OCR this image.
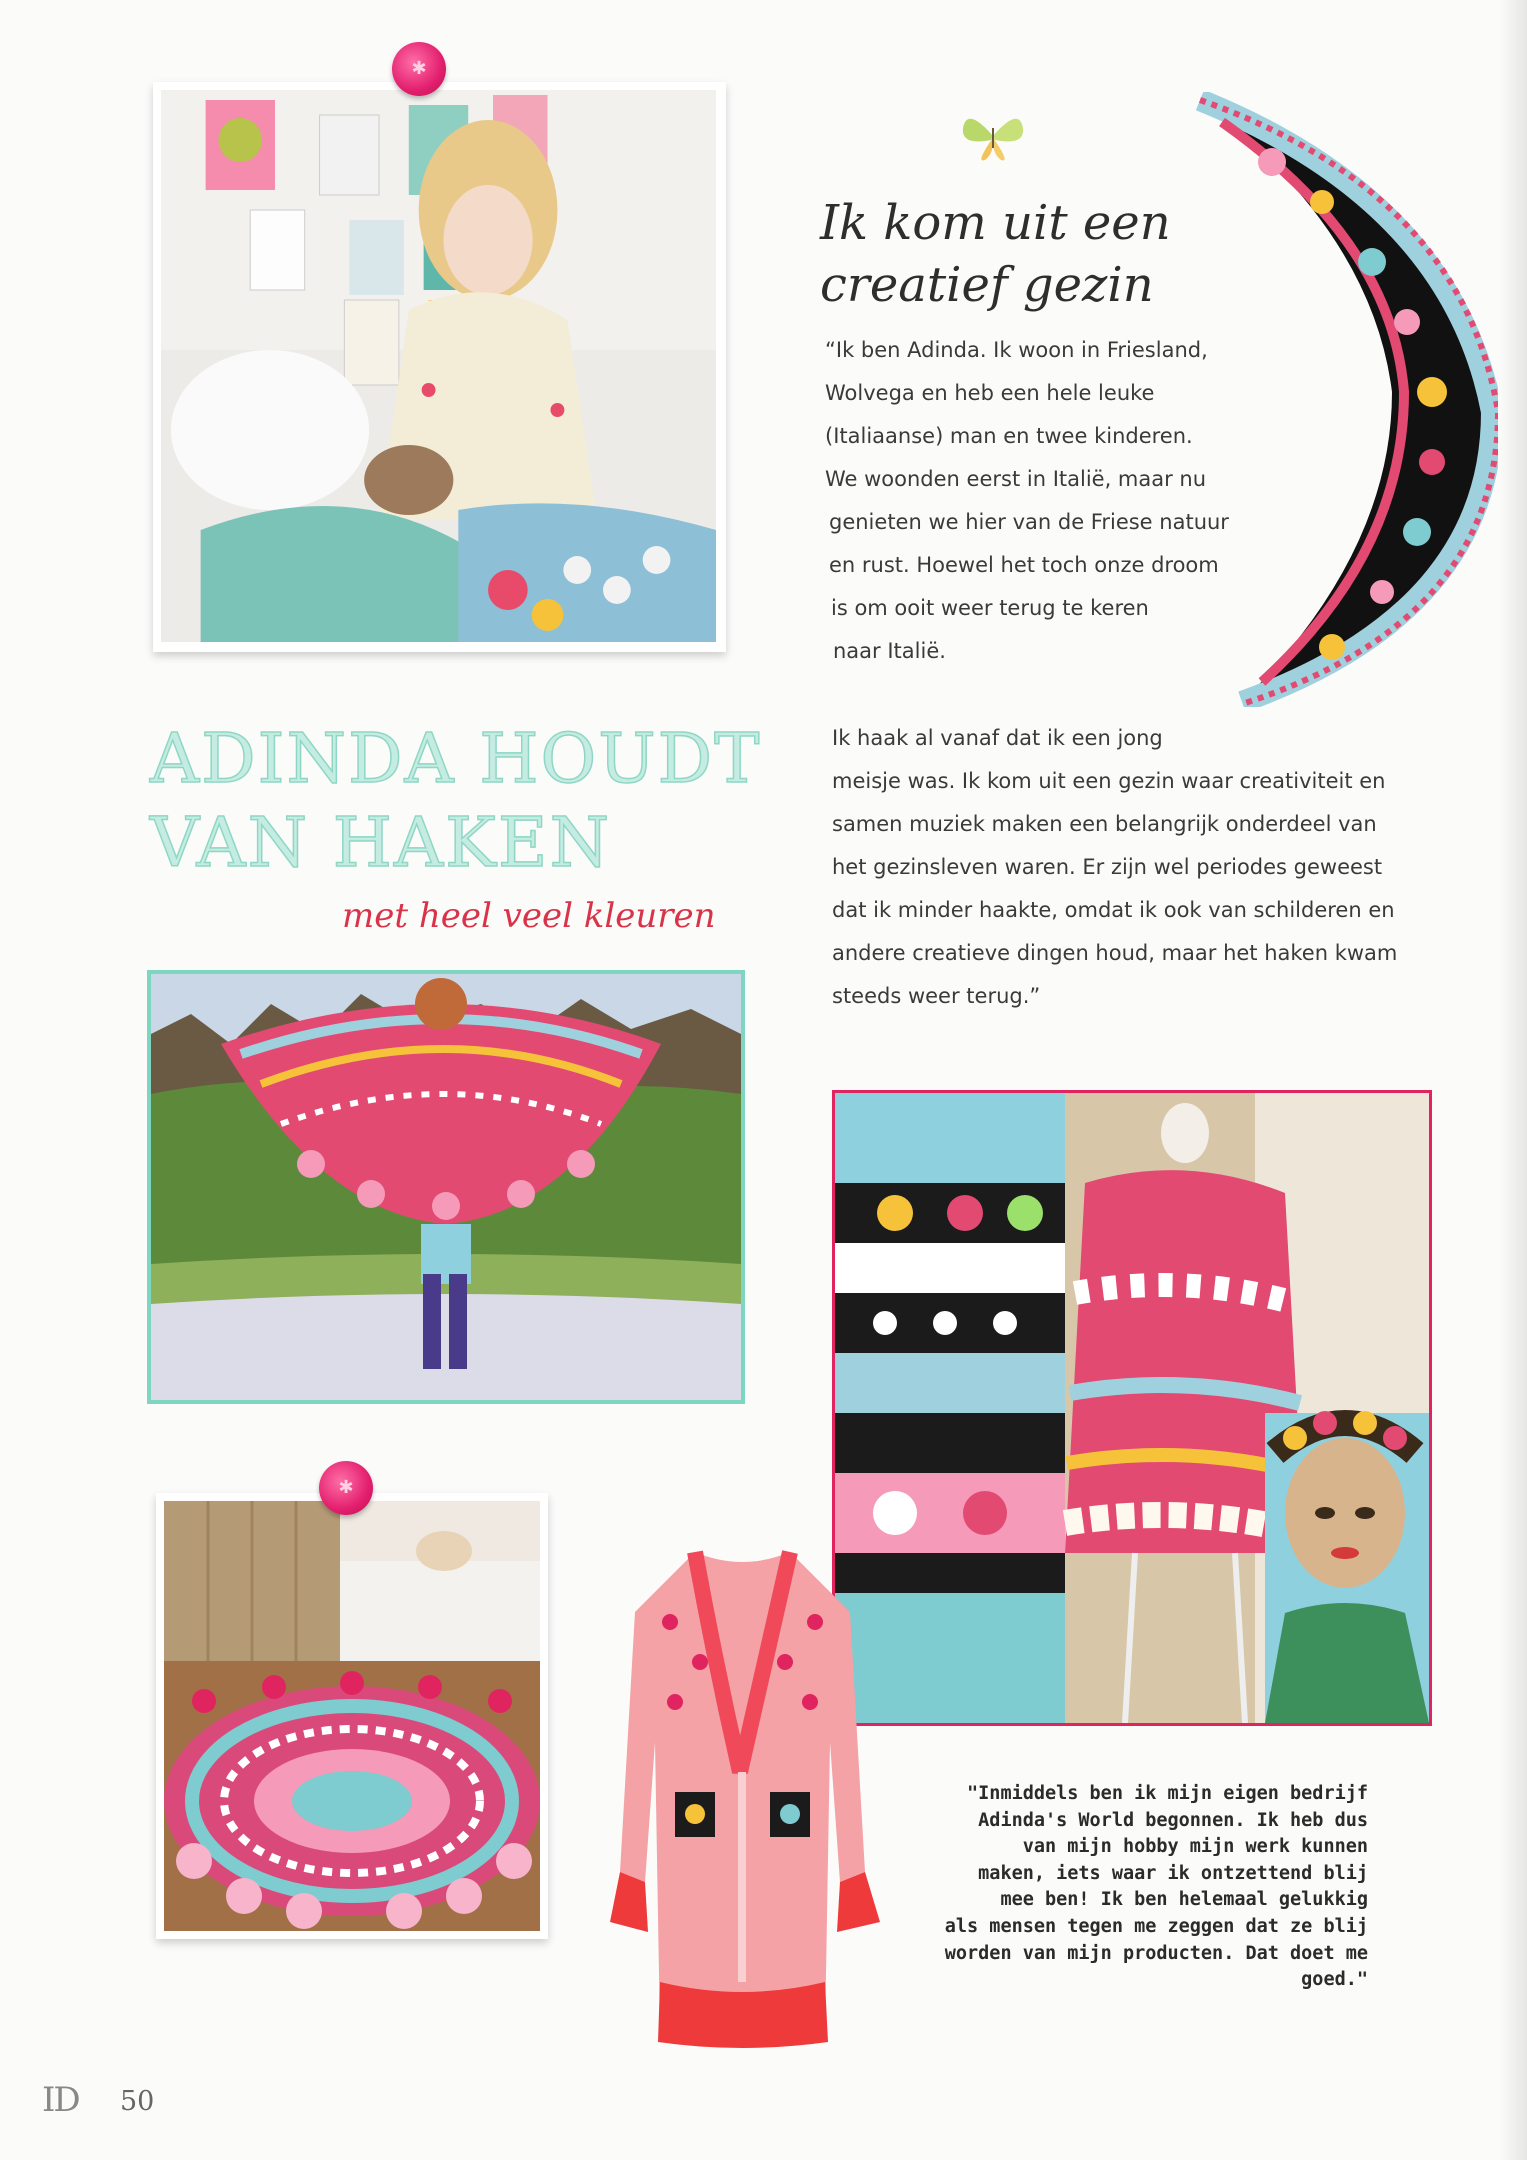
✱
Ik kom uit een creatief gezin
“Ik ben Adinda. Ik woon in Friesland,
Wolvega en heb een hele leuke
(Italiaanse) man en twee kinderen.
We woonden eerst in Italië, maar nu
genieten we hier van de Friese natuur
en rust. Hoewel het toch onze droom
is om ooit weer terug te keren
naar Italië.
ADINDA HOUDT
VAN HAKEN
met heel veel kleuren
Ik haak al vanaf dat ik een jong
meisje was. Ik kom uit een gezin waar creativiteit en
samen muziek maken een belangrijk onderdeel van
het gezinsleven waren. Er zijn wel periodes geweest
dat ik minder haakte, omdat ik ook van schilderen en
andere creatieve dingen houd, maar het haken kwam
steeds weer terug.”
✱
"Inmiddels ben ik mijn eigen bedrijf
Adinda's World begonnen. Ik heb dus
van mijn hobby mijn werk kunnen
maken, iets waar ik ontzettend blij
mee ben! Ik ben helemaal gelukkig
als mensen tegen me zeggen dat ze blij
worden van mijn producten. Dat doet me
goed."
ID 50
